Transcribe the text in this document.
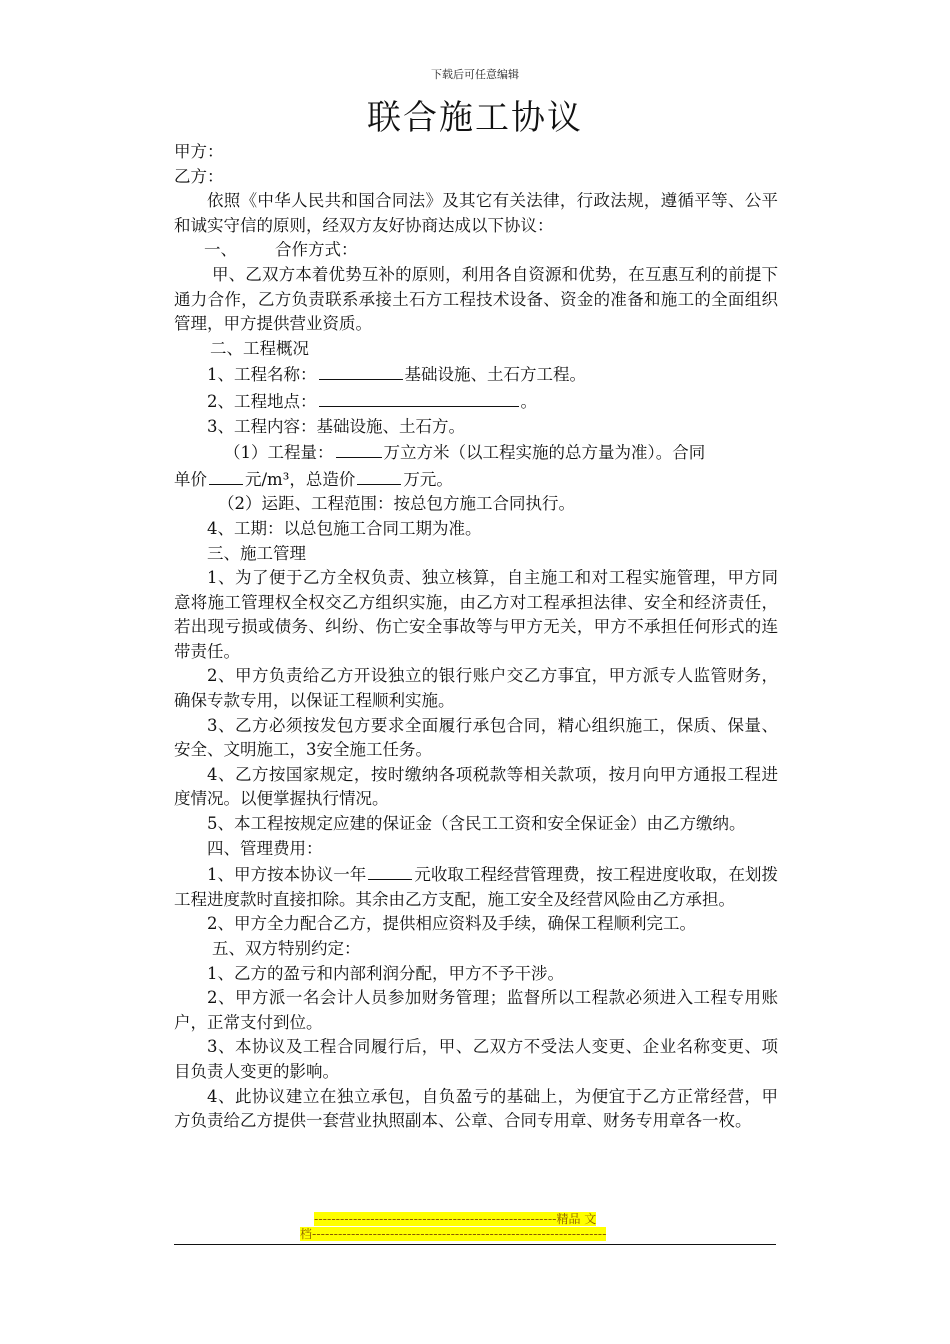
下载后可任意编辑
联合施工协议

甲方：

乙方：

依照《中华人民共和国合同法》及其它有关法律，行政法规，遵循平等、公平和诚实守信的原则，经双方友好协商达成以下协议：

一、 合作方式：

甲、乙双方本着优势互补的原则，利用各自资源和优势，在互惠互利的前提下通力合作，乙方负责联系承接土石方工程技术设备、资金的准备和施工的全面组织管理，甲方提供营业资质。

二、工程概况

1、工程名称：	基础设施、土石方工程。

2、工程地点：	。

3、工程内容：基础设施、土石方。

（1）工程量：	万立方米（以工程实施的总方量为准）。合同

单价 元/m³，总造价	万元。

（2）运距、工程范围：按总包方施工合同执行。

4、工期：以总包施工合同工期为准。

三、施工管理

1、为了便于乙方全权负责、独立核算，自主施工和对工程实施管理，甲方同意将施工管理权全权交乙方组织实施，由乙方对工程承担法律、安全和经济责任，若出现亏损或债务、纠纷、伤亡安全事故等与甲方无关，甲方不承担任何形式的连带责任。

2、甲方负责给乙方开设独立的银行账户交乙方事宜，甲方派专人监管财务，确保专款专用，以保证工程顺利实施。

3、乙方必须按发包方要求全面履行承包合同，精心组织施工，保质、保量、安全、文明施工，3安全施工任务。

4、乙方按国家规定，按时缴纳各项税款等相关款项，按月向甲方通报工程进度情况。以便掌握执行情况。

5、本工程按规定应建的保证金（含民工工资和安全保证金）由乙方缴纳。

四、管理费用：

1、甲方按本协议一年	元收取工程经营管理费，按工程进度收取，在划拨工程进度款时直接扣除。其余由乙方支配，施工安全及经营风险由乙方承担。

2、甲方全力配合乙方，提供相应资料及手续，确保工程顺利完工。

五、双方特别约定：

1、乙方的盈亏和内部利润分配，甲方不予干涉。

2、甲方派一名会计人员参加财务管理；监督所以工程款必须进入工程专用账户，正常支付到位。

3、本协议及工程合同履行后，甲、乙双方不受法人变更、企业名称变更、项目负责人变更的影响。

4、此协议建立在独立承包，自负盈亏的基础上，为便宜于乙方正常经营，甲方负责给乙方提供一套营业执照副本、公章、合同专用章、财务专用章各一枚。

--------------------------------------------------------精品 文
档--------------------------------------------------------------------
